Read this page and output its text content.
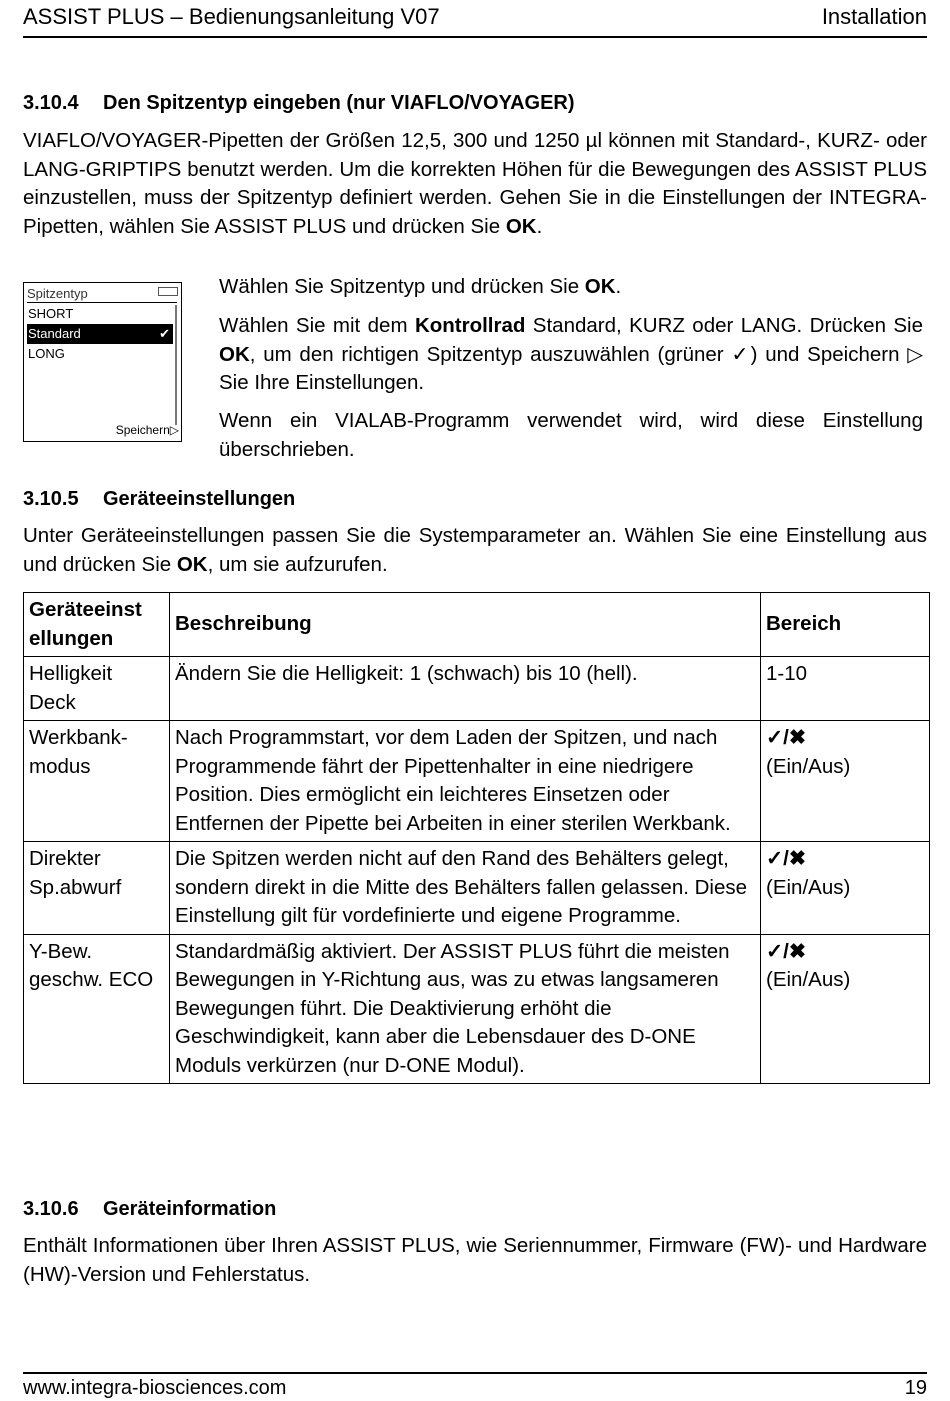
ASSIST PLUS – Bedienungsanleitung V07	Installation
3.10.4 Den Spitzentyp eingeben (nur VIAFLO/VOYAGER)
VIAFLO/VOYAGER-Pipetten der Größen 12,5, 300 und 1250 µl können mit Standard-, KURZ- oder LANG-GRIPTIPS benutzt werden. Um die korrekten Höhen für die Bewegungen des ASSIST PLUS einzustellen, muss der Spitzentyp definiert werden. Gehen Sie in die Einstellungen der INTEGRA-Pipetten, wählen Sie ASSIST PLUS und drücken Sie OK.
Spitzentyp
SHORT
Standard	✔
LONG
Speichern▷
Wählen Sie Spitzentyp und drücken Sie OK.
Wählen Sie mit dem Kontrollrad Standard, KURZ oder LANG. Drücken Sie OK, um den richtigen Spitzentyp auszuwählen (grüner ✓) und Speichern ▷ Sie Ihre Einstellungen.
Wenn ein VIALAB-Programm verwendet wird, wird diese Einstellung überschrieben.
3.10.5 Geräteeinstellungen
Unter Geräteeinstellungen passen Sie die Systemparameter an. Wählen Sie eine Einstellung aus und drücken Sie OK, um sie aufzurufen.
Geräteeinst ellungen	Beschreibung	Bereich
Helligkeit Deck	Ändern Sie die Helligkeit: 1 (schwach) bis 10 (hell).	1-10
Werkbank-modus	Nach Programmstart, vor dem Laden der Spitzen, und nach Programmende fährt der Pipettenhalter in eine niedrigere Position. Dies ermöglicht ein leichteres Einsetzen oder Entfernen der Pipette bei Arbeiten in einer sterilen Werkbank.	✓/✖
(Ein/Aus)
Direkter Sp.abwurf	Die Spitzen werden nicht auf den Rand des Behälters gelegt, sondern direkt in die Mitte des Behälters fallen gelassen. Diese Einstellung gilt für vordefinierte und eigene Programme.	✓/✖
(Ein/Aus)
Y-Bew. geschw. ECO	Standardmäßig aktiviert. Der ASSIST PLUS führt die meisten Bewegungen in Y-Richtung aus, was zu etwas langsameren Bewegungen führt. Die Deaktivierung erhöht die Geschwindigkeit, kann aber die Lebensdauer des D-ONE Moduls verkürzen (nur D-ONE Modul).	✓/✖
(Ein/Aus)
3.10.6 Geräteinformation
Enthält Informationen über Ihren ASSIST PLUS, wie Seriennummer, Firmware (FW)- und Hardware (HW)-Version und Fehlerstatus.
www.integra-biosciences.com	19
